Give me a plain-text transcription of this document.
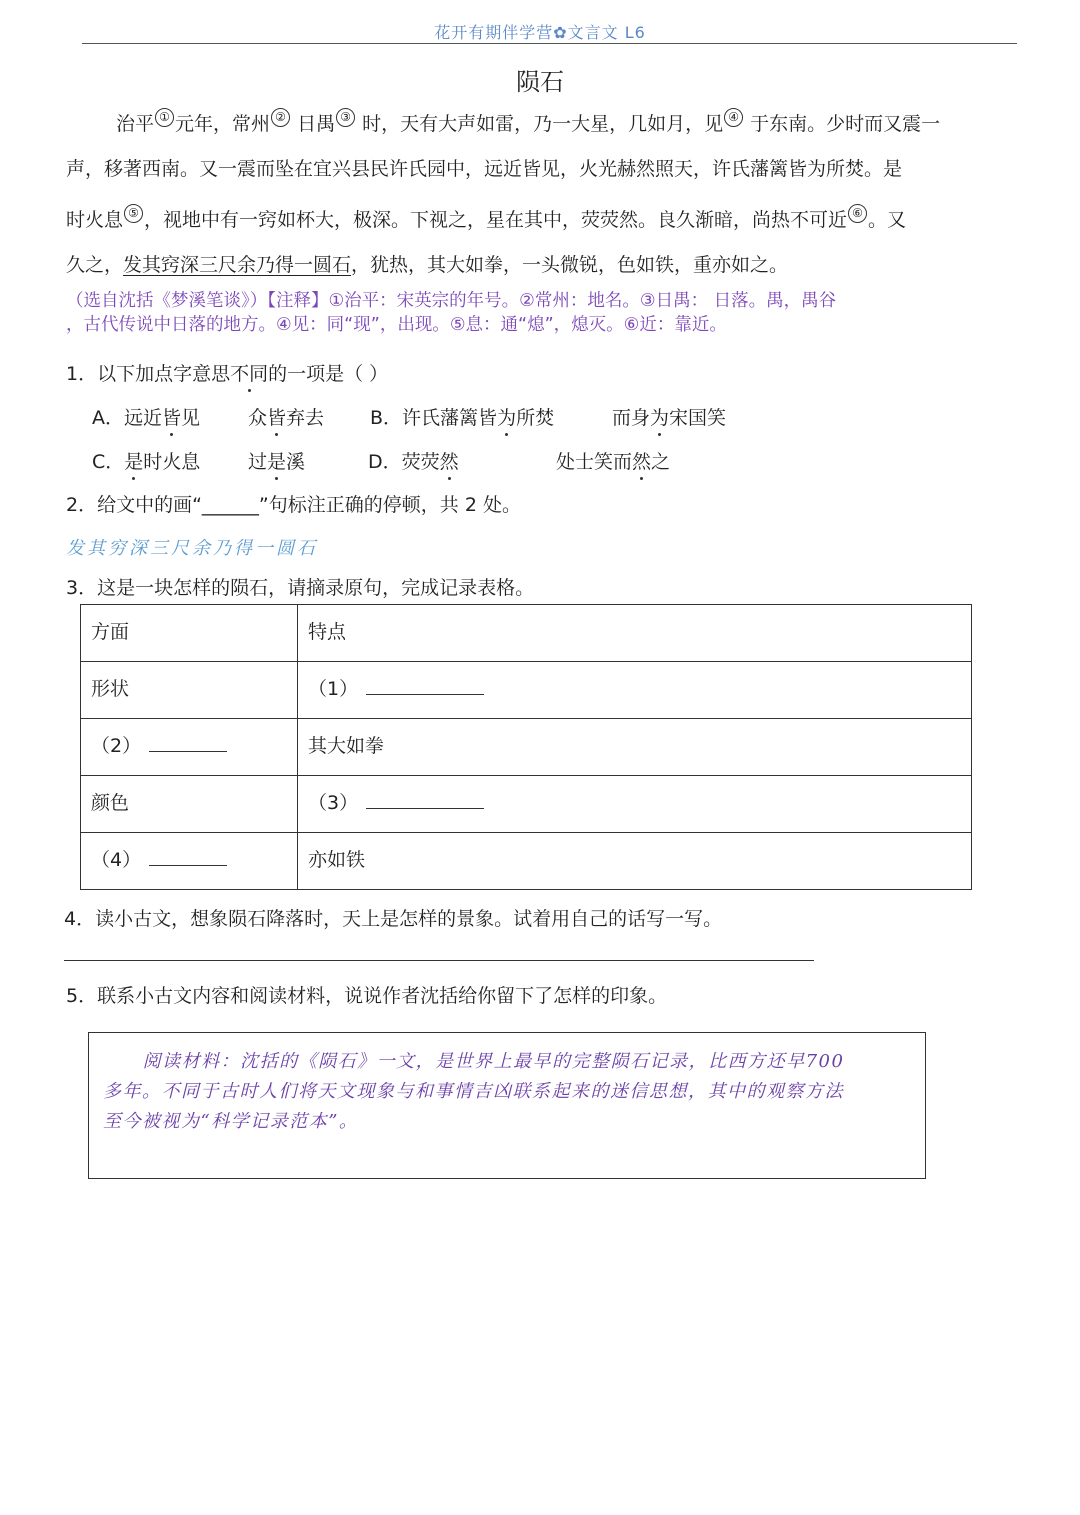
花开有期伴学营✿文言文 L6
陨石
治平 ① 元年，常州 ② 日禺 ③ 时，天有大声如雷，乃一大星，几如月，见 ④ 于东南。少时而又震一
声，移著西南。又一震而坠在宜兴县民许氏园中，远近皆见，火光赫然照天，许氏藩篱皆为所焚。是
时火息 ⑤ ，视地中有一窍如杯大，极深。下视之，星在其中，荧荧然。良久渐暗，尚热不可近 ⑥ 。又
久之，发其窍深三尺余乃得一圆石，犹热，其大如拳，一头微锐，色如铁，重亦如之。
（选自沈括《梦溪笔谈》）【注释】①治平：宋英宗的年号。②常州：地名。③日禺： 日落。禺，禺谷
，古代传说中日落的地方。④见：同“现”，出现。⑤息：通“熄”，熄灭。⑥近：靠近。
1．以下加点字意思不同的一项是（ ）
A．远近皆见	众皆弃去 B．许氏藩篱皆为所焚	而身为宋国笑
C．是时火息	过是溪	D．荧荧然	处士笑而然之
2．给文中的画“______”句标注正确的停顿，共 2 处。
发其穷深三尺余乃得一圆石
3．这是一块怎样的陨石，请摘录原句，完成记录表格。
方面	特点
形状	（1）
（2）	其大如拳
颜色	（3）
（4）	亦如铁
4．读小古文，想象陨石降落时，天上是怎样的景象。试着用自己的话写一写。
5．联系小古文内容和阅读材料，说说作者沈括给你留下了怎样的印象。

阅读材料：沈括的《陨石》一文，是世界上最早的完整陨石记录，比西方还早700

多年。不同于古时人们将天文现象与和事情吉凶联系起来的迷信思想，其中的观察方法
至今被视为“科学记录范本”。
